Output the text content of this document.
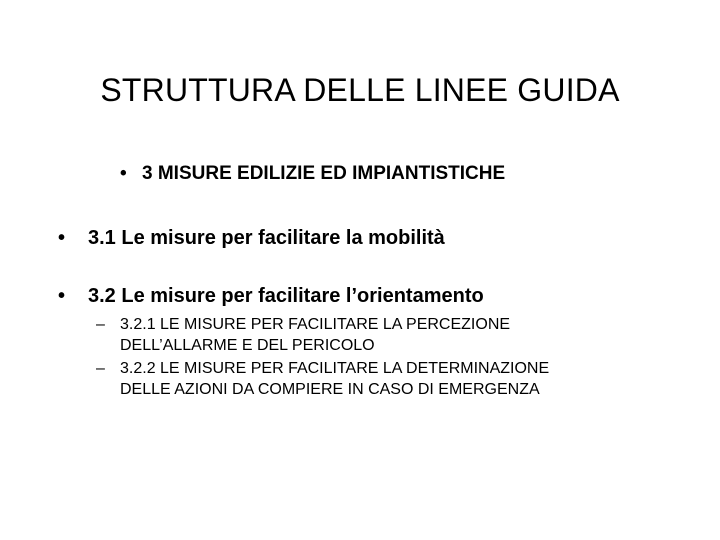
STRUTTURA DELLE LINEE GUIDA
• 3 MISURE EDILIZIE ED IMPIANTISTICHE
• 3.1 Le misure per facilitare la mobilità
• 3.2 Le misure per facilitare l’orientamento
– 3.2.1 LE MISURE PER FACILITARE LA PERCEZIONE
DELL’ALLARME E DEL PERICOLO
– 3.2.2 LE MISURE PER FACILITARE LA DETERMINAZIONE
DELLE AZIONI DA COMPIERE IN CASO DI EMERGENZA
